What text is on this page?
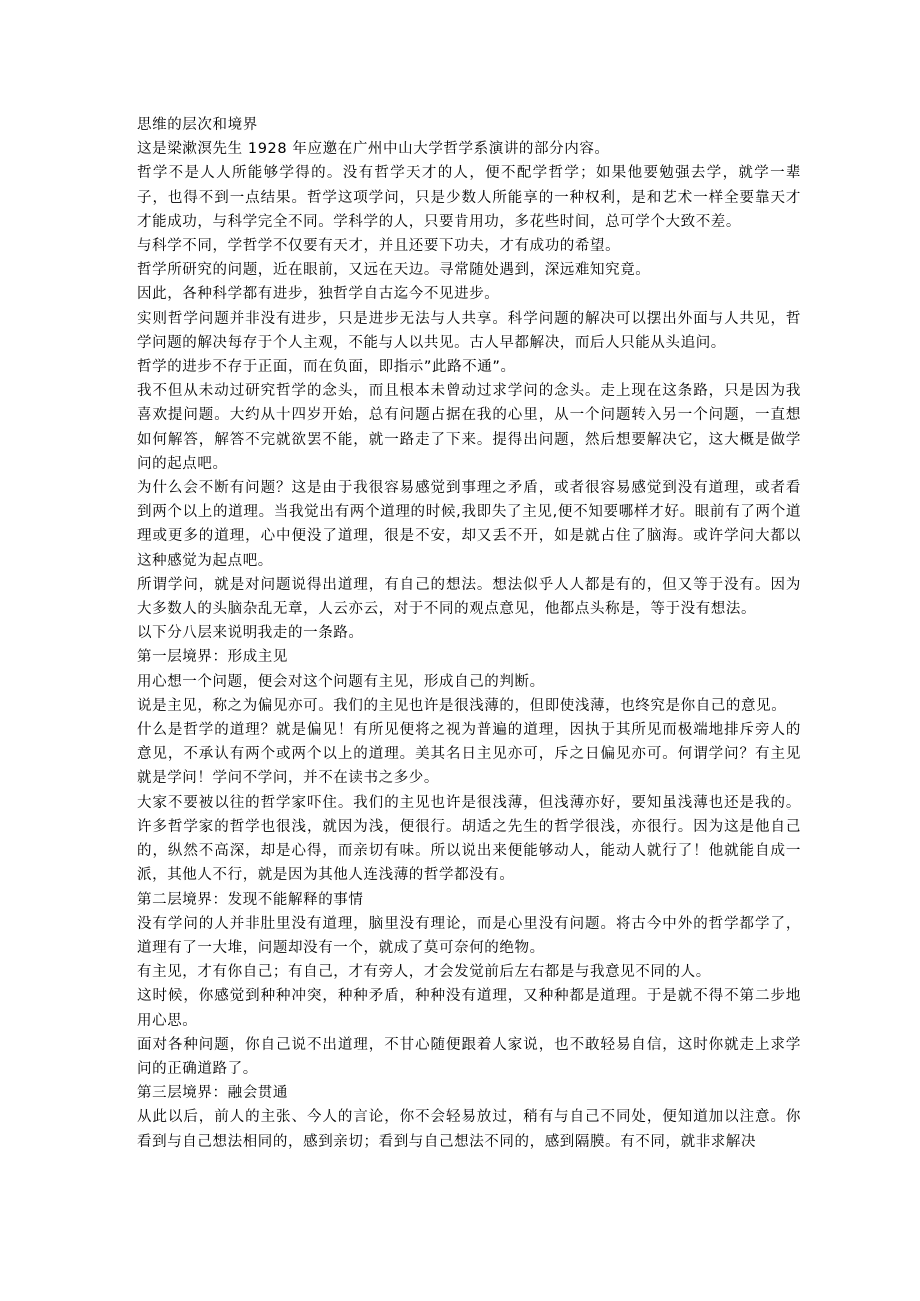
思维的层次和境界

这是梁漱溟先生 1928 年应邀在广州中山大学哲学系演讲的部分内容。

哲学不是人人所能够学得的。没有哲学天才的人，便不配学哲学；如果他要勉强去学，就学一辈子，也得不到一点结果。哲学这项学问，只是少数人所能享的一种权利，是和艺术一样全要靠天才才能成功，与科学完全不同。学科学的人，只要肯用功，多花些时间，总可学个大致不差。

与科学不同，学哲学不仅要有天才，并且还要下功夫，才有成功的希望。

哲学所研究的问题，近在眼前，又远在天边。寻常随处遇到，深远难知究竟。

因此，各种科学都有进步，独哲学自古迄今不见进步。

实则哲学问题并非没有进步，只是进步无法与人共享。科学问题的解决可以摆出外面与人共见，哲学问题的解决每存于个人主观，不能与人以共见。古人早都解决，而后人只能从头追问。

哲学的进步不存于正面，而在负面，即指示”此路不通”。

我不但从未动过研究哲学的念头，而且根本未曾动过求学问的念头。走上现在这条路，只是因为我喜欢提问题。大约从十四岁开始，总有问题占据在我的心里，从一个问题转入另一个问题，一直想如何解答，解答不完就欲罢不能，就一路走了下来。提得出问题，然后想要解决它，这大概是做学问的起点吧。

为什么会不断有问题？这是由于我很容易感觉到事理之矛盾，或者很容易感觉到没有道理，或者看到两个以上的道理。当我觉出有两个道理的时候,我即失了主见,便不知要哪样才好。眼前有了两个道理或更多的道理，心中便没了道理，很是不安，却又丢不开，如是就占住了脑海。或许学问大都以这种感觉为起点吧。

所谓学问，就是对问题说得出道理，有自己的想法。想法似乎人人都是有的，但又等于没有。因为大多数人的头脑杂乱无章，人云亦云，对于不同的观点意见，他都点头称是，等于没有想法。

以下分八层来说明我走的一条路。

第一层境界：形成主见

用心想一个问题，便会对这个问题有主见，形成自己的判断。

说是主见，称之为偏见亦可。我们的主见也许是很浅薄的，但即使浅薄，也终究是你自己的意见。

什么是哲学的道理？就是偏见！有所见便将之视为普遍的道理，因执于其所见而极端地排斥旁人的意见，不承认有两个或两个以上的道理。美其名日主见亦可，斥之日偏见亦可。何谓学问？有主见就是学问！学问不学问，并不在读书之多少。

大家不要被以往的哲学家吓住。我们的主见也许是很浅薄，但浅薄亦好，要知虽浅薄也还是我的。许多哲学家的哲学也很浅，就因为浅，便很行。胡适之先生的哲学很浅，亦很行。因为这是他自己的，纵然不高深，却是心得，而亲切有味。所以说出来便能够动人，能动人就行了！他就能自成一派，其他人不行，就是因为其他人连浅薄的哲学都没有。

第二层境界：发现不能解释的事情

没有学问的人并非肚里没有道理，脑里没有理论，而是心里没有问题。将古今中外的哲学都学了，道理有了一大堆，问题却没有一个，就成了莫可奈何的绝物。

有主见，才有你自己；有自己，才有旁人，才会发觉前后左右都是与我意见不同的人。

这时候，你感觉到种种冲突，种种矛盾，种种没有道理，又种种都是道理。于是就不得不第二步地用心思。

面对各种问题，你自己说不出道理，不甘心随便跟着人家说，也不敢轻易自信，这时你就走上求学问的正确道路了。

第三层境界：融会贯通

从此以后，前人的主张、今人的言论，你不会轻易放过，稍有与自己不同处，便知道加以注意。你看到与自己想法相同的，感到亲切；看到与自己想法不同的，感到隔膜。有不同，就非求解决
